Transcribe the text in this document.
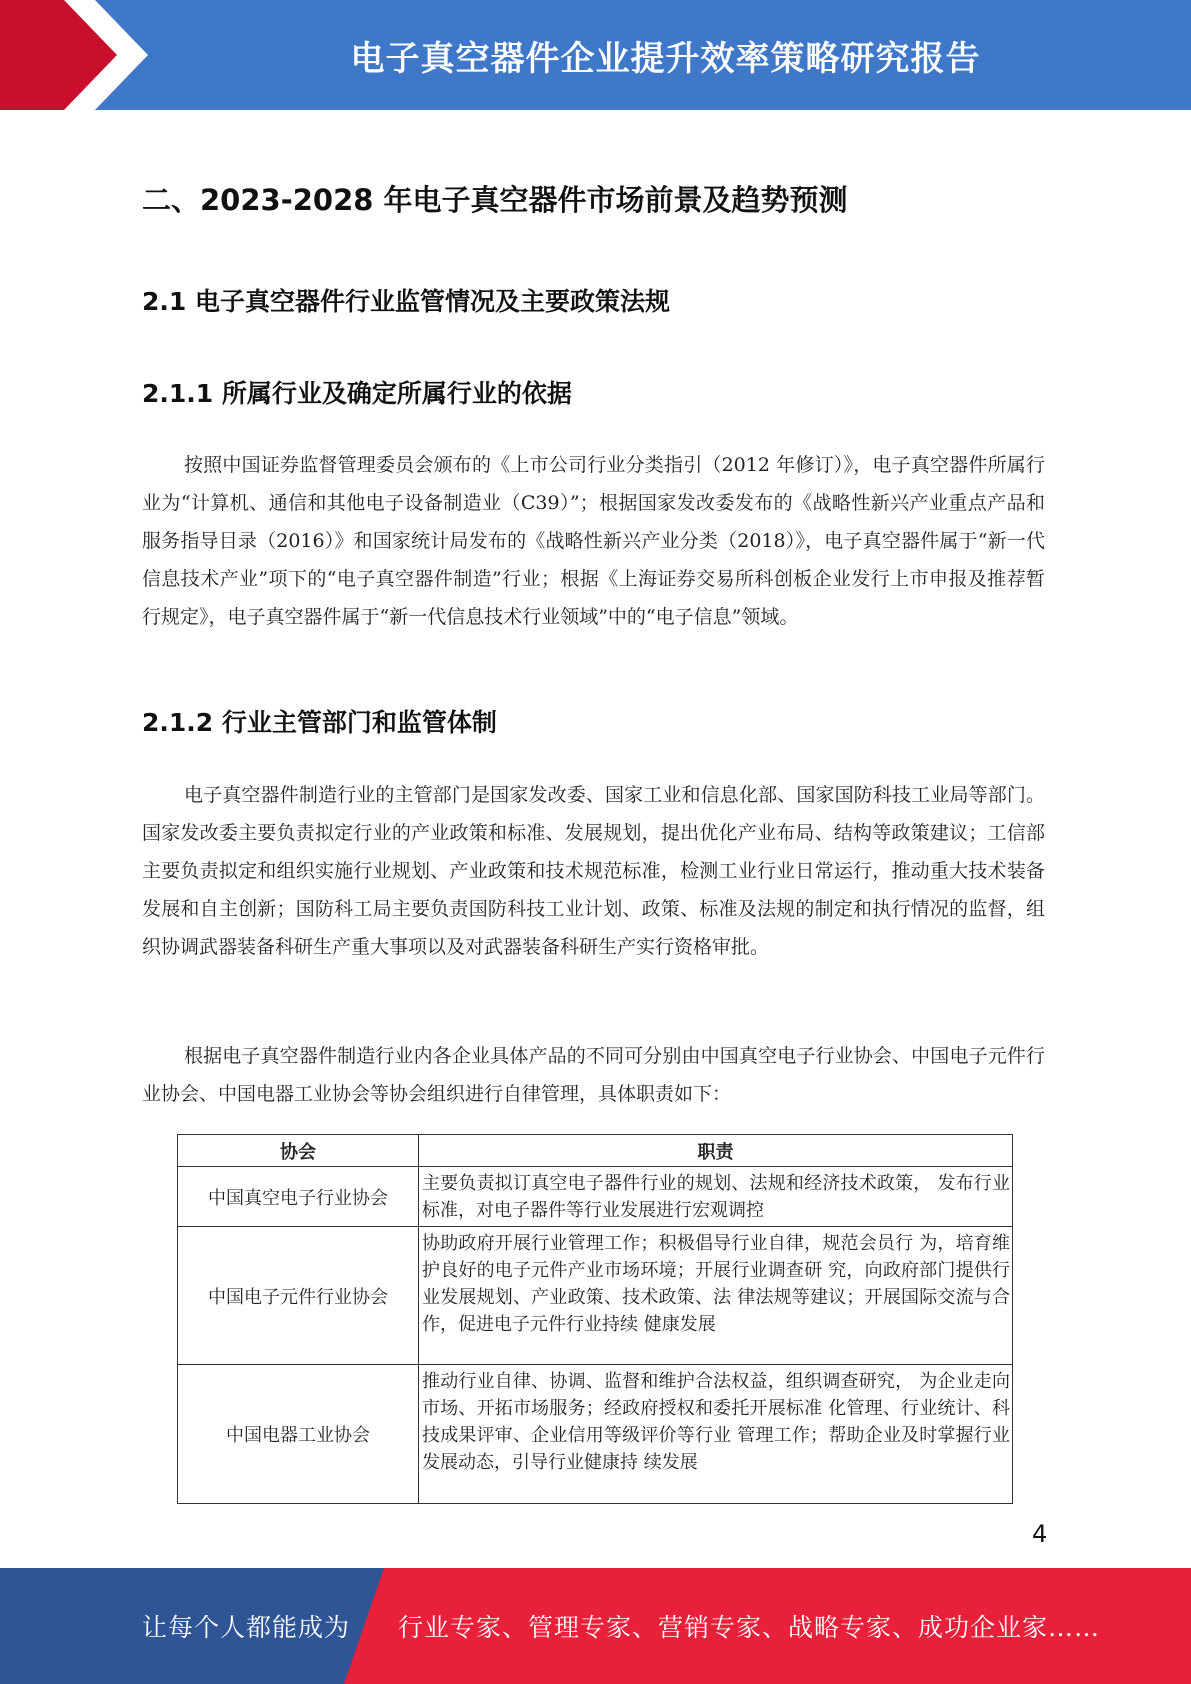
电子真空器件企业提升效率策略研究报告
二、2023-2028 年电子真空器件市场前景及趋势预测
2.1 电子真空器件行业监管情况及主要政策法规
2.1.1 所属行业及确定所属行业的依据

按照中国证券监督管理委员会颁布的《上市公司行业分类指引（2012 年修订）》，电子真空器件所属行业为“计算机、通信和其他电子设备制造业（C39）”；根据国家发改委发布的《战略性新兴产业重点产品和服务指导目录（2016）》和国家统计局发布的《战略性新兴产业分类（2018）》，电子真空器件属于“新一代信息技术产业”项下的“电子真空器件制造”行业；根据《上海证券交易所科创板企业发行上市申报及推荐暂行规定》，电子真空器件属于“新一代信息技术行业领域”中的“电子信息”领域。

2.1.2 行业主管部门和监管体制

电子真空器件制造行业的主管部门是国家发改委、国家工业和信息化部、国家国防科技工业局等部门。国家发改委主要负责拟定行业的产业政策和标准、发展规划，提出优化产业布局、结构等政策建议；工信部主要负责拟定和组织实施行业规划、产业政策和技术规范标准，检测工业行业日常运行，推动重大技术装备发展和自主创新；国防科工局主要负责国防科技工业计划、政策、标准及法规的制定和执行情况的监督，组织协调武器装备科研生产重大事项以及对武器装备科研生产实行资格审批。

根据电子真空器件制造行业内各企业具体产品的不同可分别由中国真空电子行业协会、中国电子元件行业协会、中国电器工业协会等协会组织进行自律管理，具体职责如下：

协会	职责
中国真空电子行业协会	主要负责拟订真空电子器件行业的规划、法规和经济技术政策， 发布行业标准，对电子器件等行业发展进行宏观调控
中国电子元件行业协会	协助政府开展行业管理工作；积极倡导行业自律，规范会员行 为，培育维护良好的电子元件产业市场环境；开展行业调查研 究，向政府部门提供行业发展规划、产业政策、技术政策、法 律法规等建议；开展国际交流与合作，促进电子元件行业持续 健康发展
中国电器工业协会	推动行业自律、协调、监督和维护合法权益，组织调查研究， 为企业走向市场、开拓市场服务；经政府授权和委托开展标准 化管理、行业统计、科技成果评审、企业信用等级评价等行业 管理工作；帮助企业及时掌握行业发展动态，引导行业健康持 续发展
4
让每个人都能成为 行业专家、管理专家、营销专家、战略专家、成功企业家……
